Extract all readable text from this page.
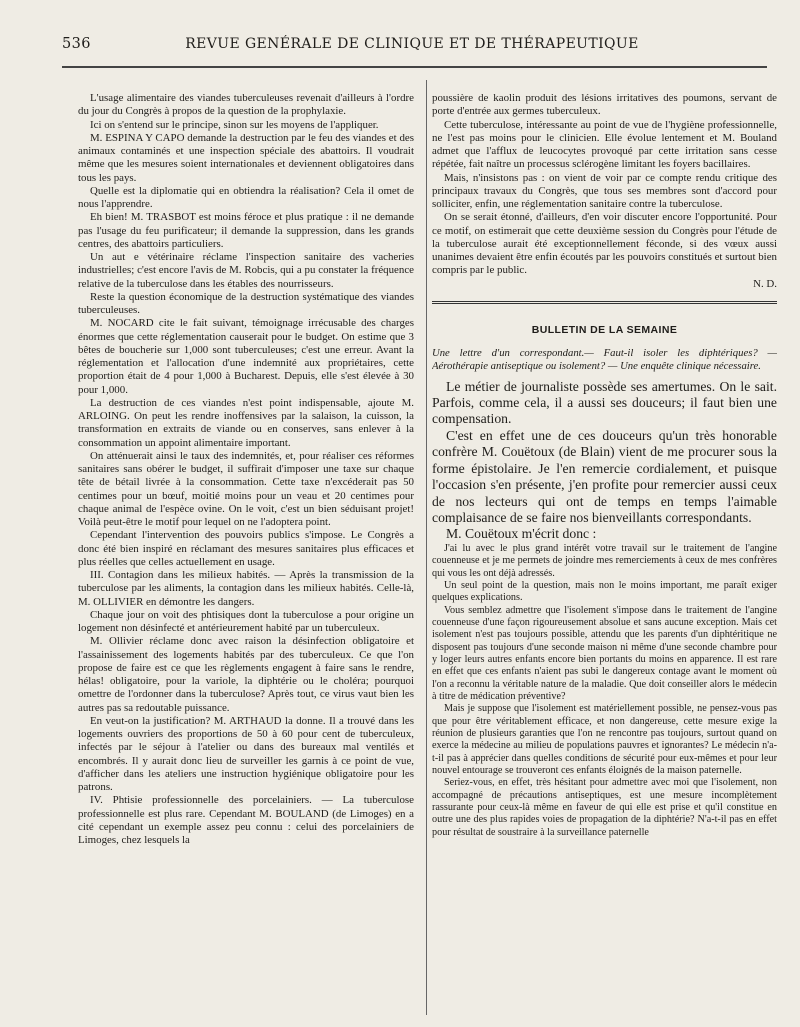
536	REVUE GENÉRALE DE CLINIQUE ET DE THÉRAPEUTIQUE

L'usage alimentaire des viandes tuberculeuses revenait d'ailleurs à l'ordre du jour du Congrès à propos de la question de la prophylaxie.

Ici on s'entend sur le principe, sinon sur les moyens de l'appliquer.

M. ESPINA Y CAPO demande la destruction par le feu des viandes et des animaux contaminés et une inspection spéciale des abattoirs. Il voudrait même que les mesures soient internationales et deviennent obligatoires dans tous les pays.

Quelle est la diplomatie qui en obtiendra la réalisation? Cela il omet de nous l'apprendre.

Eh bien! M. TRASBOT est moins féroce et plus pratique : il ne demande pas l'usage du feu purificateur; il demande la suppression, dans les grands centres, des abattoirs particuliers.

Un aut e vétérinaire réclame l'inspection sanitaire des vacheries industrielles; c'est encore l'avis de M. Robcis, qui a pu constater la fréquence relative de la tuberculose dans les étables des nourrisseurs.

Reste la question économique de la destruction systématique des viandes tuberculeuses.

M. NOCARD cite le fait suivant, témoignage irrécusable des charges énormes que cette réglementation causerait pour le budget. On estime que 3 bêtes de boucherie sur 1,000 sont tuberculeuses; c'est une erreur. Avant la réglementation et l'allocation d'une indemnité aux propriétaires, cette proportion était de 4 pour 1,000 à Bucharest. Depuis, elle s'est élevée à 30 pour 1,000.

La destruction de ces viandes n'est point indispensable, ajoute M. ARLOING. On peut les rendre inoffensives par la salaison, la cuisson, la transformation en extraits de viande ou en conserves, sans enlever à la consommation un appoint alimentaire important.

On atténuerait ainsi le taux des indemnités, et, pour réaliser ces réformes sanitaires sans obérer le budget, il suffirait d'imposer une taxe sur chaque tête de bétail livrée à la consommation. Cette taxe n'excéderait pas 50 centimes pour un bœuf, moitié moins pour un veau et 20 centimes pour chaque animal de l'espèce ovine. On le voit, c'est un bien séduisant projet! Voilà peut-être le motif pour lequel on ne l'adoptera point.

Cependant l'intervention des pouvoirs publics s'impose. Le Congrès a donc été bien inspiré en réclamant des mesures sanitaires plus efficaces et plus réelles que celles actuellement en usage.

III. Contagion dans les milieux habités. — Après la transmission de la tuberculose par les aliments, la contagion dans les milieux habités. Celle-là, M. OLLIVIER en démontre les dangers.

Chaque jour on voit des phtisiques dont la tuberculose a pour origine un logement non désinfecté et antérieurement habité par un tuberculeux.

M. Ollivier réclame donc avec raison la désinfection obligatoire et l'assainissement des logements habités par des tuberculeux. Ce que l'on propose de faire est ce que les règlements engagent à faire sans le rendre, hélas! obligatoire, pour la variole, la diphtérie ou le choléra; pourquoi omettre de l'ordonner dans la tuberculose? Après tout, ce virus vaut bien les autres pas sa redoutable puissance.

En veut-on la justification? M. ARTHAUD la donne. Il a trouvé dans les logements ouvriers des proportions de 50 à 60 pour cent de tuberculeux, infectés par le séjour à l'atelier ou dans des bureaux mal ventilés et encombrés. Il y aurait donc lieu de surveiller les garnis à ce point de vue, d'afficher dans les ateliers une instruction hygiénique obligatoire pour les patrons.

IV. Phtisie professionnelle des porcelainiers. — La tuberculose professionnelle est plus rare. Cependant M. BOULAND (de Limoges) en a cité cependant un exemple assez peu connu : celui des porcelainiers de Limoges, chez lesquels la

poussière de kaolin produit des lésions irritatives des poumons, servant de porte d'entrée aux germes tuberculeux.

Cette tuberculose, intéressante au point de vue de l'hygiène professionnelle, ne l'est pas moins pour le clinicien. Elle évolue lentement et M. Bouland admet que l'afflux de leucocytes provoqué par cette irritation sans cesse répétée, fait naître un processus sclérogène limitant les foyers bacillaires.

Mais, n'insistons pas : on vient de voir par ce compte rendu critique des principaux travaux du Congrès, que tous ses membres sont d'accord pour solliciter, enfin, une réglementation sanitaire contre la tuberculose.

On se serait étonné, d'ailleurs, d'en voir discuter encore l'opportunité. Pour ce motif, on estimerait que cette deuxième session du Congrès pour l'étude de la tuberculose aurait été exceptionnellement féconde, si des vœux aussi unanimes devaient être enfin écoutés par les pouvoirs constitués et surtout bien compris par le public.

N. D.
BULLETIN DE LA SEMAINE
Une lettre d'un correspondant.— Faut-il isoler les diphtériques? — Aérothérapie antiseptique ou isolement? — Une enquête clinique nécessaire.

Le métier de journaliste possède ses amertumes. On le sait. Parfois, comme cela, il a aussi ses douceurs; il faut bien une compensation.

C'est en effet une de ces douceurs qu'un très honorable confrère M. Couëtoux (de Blain) vient de me procurer sous la forme épistolaire. Je l'en remercie cordialement, et puisque l'occasion s'en présente, j'en profite pour remercier aussi ceux de nos lecteurs qui ont de temps en temps l'aimable complaisance de se faire nos bienveillants correspondants.

M. Couëtoux m'écrit donc :

J'ai lu avec le plus grand intérêt votre travail sur le traitement de l'angine couenneuse et je me permets de joindre mes remerciements à ceux de mes confrères qui vous les ont déjà adressés.

Un seul point de la question, mais non le moins important, me paraît exiger quelques explications.

Vous semblez admettre que l'isolement s'impose dans le traitement de l'angine couenneuse d'une façon rigoureusement absolue et sans aucune exception. Mais cet isolement n'est pas toujours possible, attendu que les parents d'un diphtéritique ne disposent pas toujours d'une seconde maison ni même d'une seconde chambre pour y loger leurs autres enfants encore bien portants du moins en apparence. Il est rare en effet que ces enfants n'aient pas subi le dangereux contage avant le moment où l'on a reconnu la véritable nature de la maladie. Que doit conseiller alors le médecin à titre de médication préventive?

Mais je suppose que l'isolement est matériellement possible, ne pensez-vous pas que pour être véritablement efficace, et non dangereuse, cette mesure exige la réunion de plusieurs garanties que l'on ne rencontre pas toujours, surtout quand on exerce la médecine au milieu de populations pauvres et ignorantes? Le médecin n'a-t-il pas à apprécier dans quelles conditions de sécurité pour eux-mêmes et pour leur nouvel entourage se trouveront ces enfants éloignés de la maison paternelle.

Seriez-vous, en effet, très hésitant pour admettre avec moi que l'isolement, non accompagné de précautions antiseptiques, est une mesure incomplètement rassurante pour ceux-là même en faveur de qui elle est prise et qu'il constitue en outre une des plus rapides voies de propagation de la diphtérie? N'a-t-il pas en effet pour résultat de soustraire à la surveillance paternelle
